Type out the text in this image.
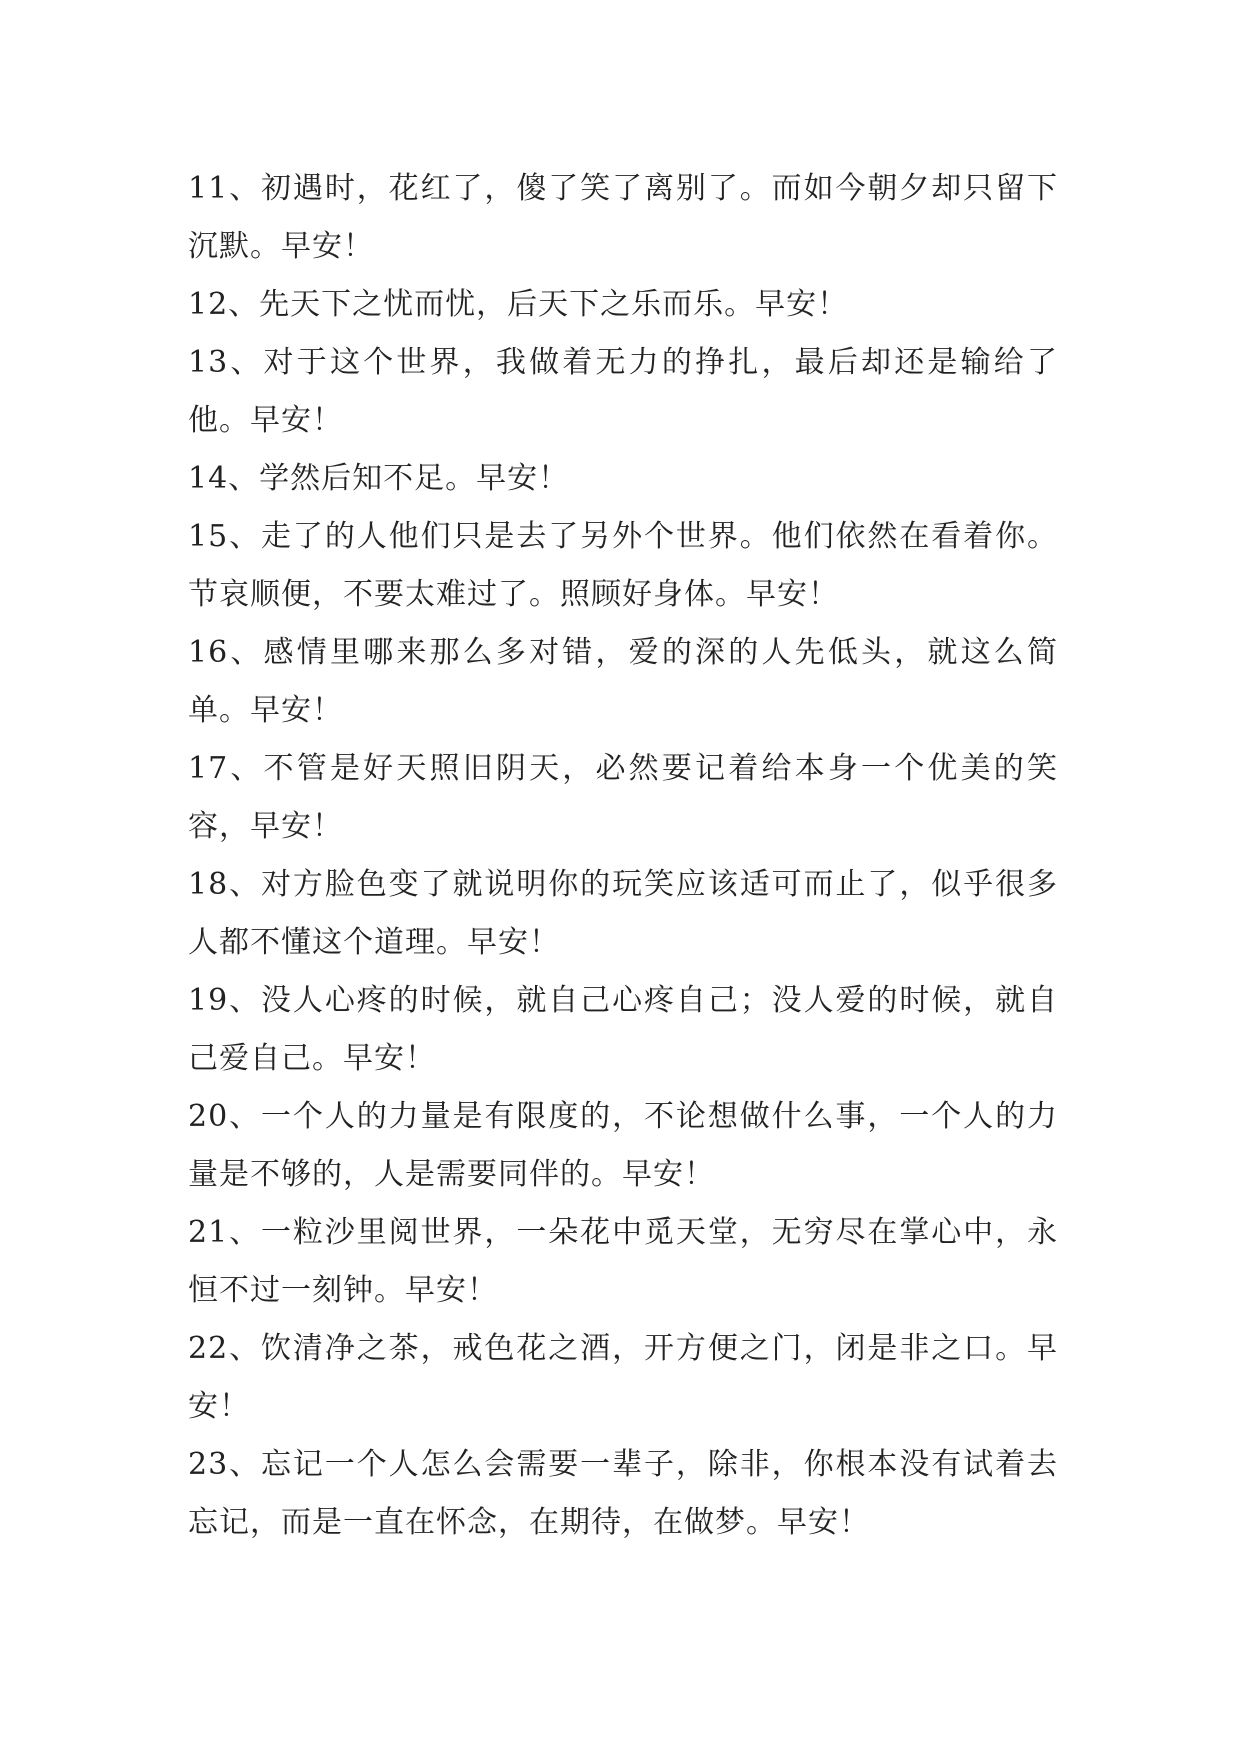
11、初遇时，花红了，傻了笑了离别了。而如今朝夕却只留下沉默。早安！

12、先天下之忧而忧，后天下之乐而乐。早安！

13、对于这个世界，我做着无力的挣扎，最后却还是输给了他。早安！

14、学然后知不足。早安！

15、走了的人他们只是去了另外个世界。他们依然在看着你。节哀顺便，不要太难过了。照顾好身体。早安！

16、感情里哪来那么多对错，爱的深的人先低头，就这么简单。早安！

17、不管是好天照旧阴天，必然要记着给本身一个优美的笑容，早安！

18、对方脸色变了就说明你的玩笑应该适可而止了，似乎很多人都不懂这个道理。早安！

19、没人心疼的时候，就自己心疼自己；没人爱的时候，就自己爱自己。早安！

20、一个人的力量是有限度的，不论想做什么事，一个人的力量是不够的，人是需要同伴的。早安！

21、一粒沙里阅世界，一朵花中觅天堂，无穷尽在掌心中，永恒不过一刻钟。早安！

22、饮清净之茶，戒色花之酒，开方便之门，闭是非之口。早安！

23、忘记一个人怎么会需要一辈子，除非，你根本没有试着去忘记，而是一直在怀念，在期待，在做梦。早安！
